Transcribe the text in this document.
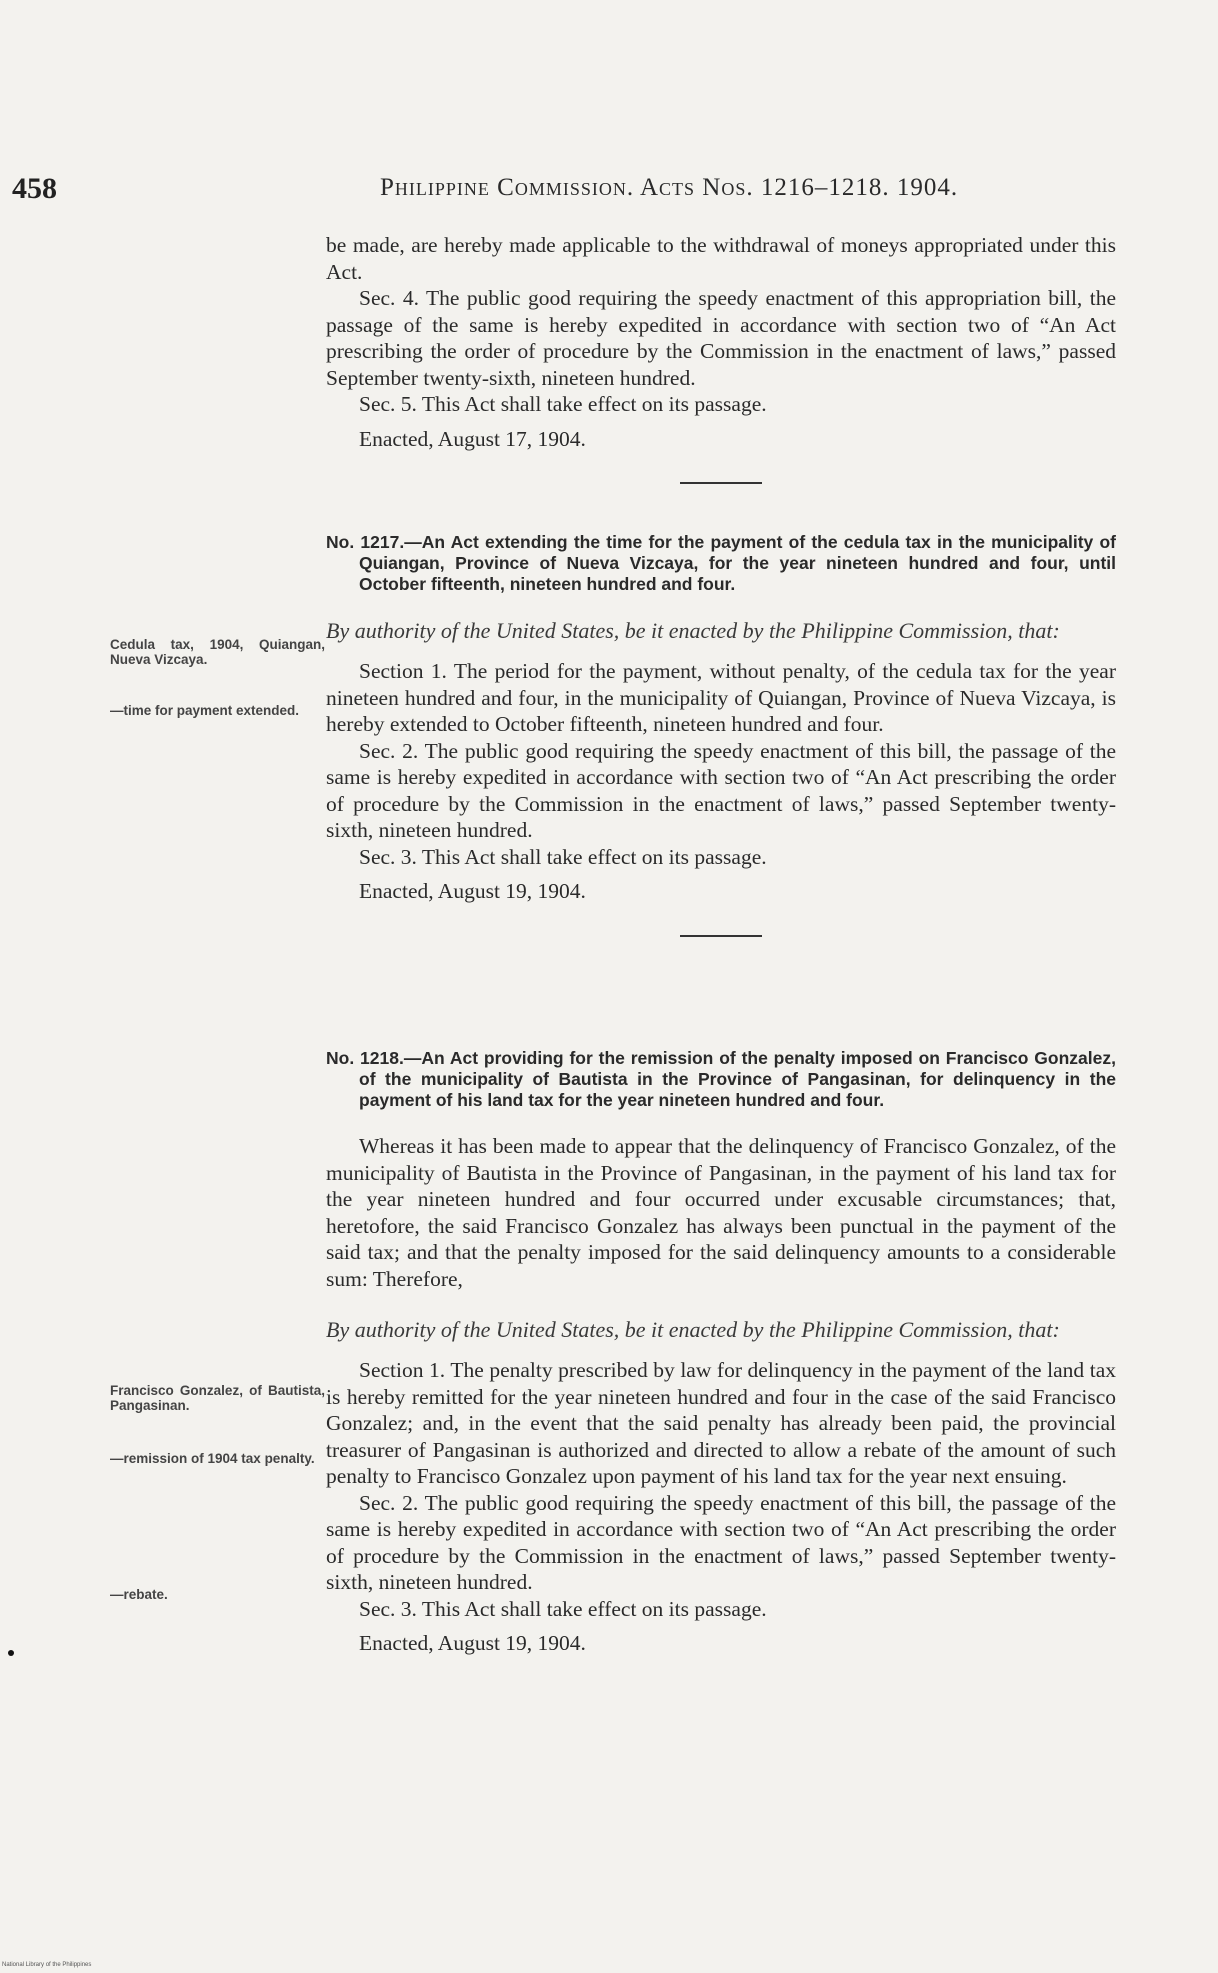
458	Philippine Commission. Acts Nos. 1216–1218. 1904.

be made, are hereby made applicable to the withdrawal of moneys appropriated under this Act.

Sec. 4. The public good requiring the speedy enactment of this appropriation bill, the passage of the same is hereby expedited in accordance with section two of “An Act prescribing the order of procedure by the Commission in the enactment of laws,” passed September twenty-sixth, nineteen hundred.

Sec. 5. This Act shall take effect on its passage.

Enacted, August 17, 1904.

No. 1217.—An Act extending the time for the payment of the cedula tax in the municipality of Quiangan, Province of Nueva Vizcaya, for the year nineteen hundred and four, until October fifteenth, nineteen hundred and four.
By authority of the United States, be it enacted by the Philippine Commission, that:

Section 1. The period for the payment, without penalty, of the cedula tax for the year nineteen hundred and four, in the municipality of Quiangan, Province of Nueva Vizcaya, is hereby extended to October fifteenth, nineteen hundred and four.

Sec. 2. The public good requiring the speedy enactment of this bill, the passage of the same is hereby expedited in accordance with section two of “An Act prescribing the order of procedure by the Commission in the enactment of laws,” passed September twenty-sixth, nineteen hundred.

Sec. 3. This Act shall take effect on its passage.

Enacted, August 19, 1904.

Cedula tax, 1904, Quiangan, Nueva Vizcaya.
—time for payment extended.
No. 1218.—An Act providing for the remission of the penalty imposed on Francisco Gonzalez, of the municipality of Bautista in the Province of Pangasinan, for delinquency in the payment of his land tax for the year nineteen hundred and four.

Whereas it has been made to appear that the delinquency of Francisco Gonzalez, of the municipality of Bautista in the Province of Pangasinan, in the payment of his land tax for the year nineteen hundred and four occurred under excusable circumstances; that, heretofore, the said Francisco Gonzalez has always been punctual in the payment of the said tax; and that the penalty imposed for the said delinquency amounts to a considerable sum: Therefore,

By authority of the United States, be it enacted by the Philippine Commission, that:

Section 1. The penalty prescribed by law for delinquency in the payment of the land tax is hereby remitted for the year nineteen hundred and four in the case of the said Francisco Gonzalez; and, in the event that the said penalty has already been paid, the provincial treasurer of Pangasinan is authorized and directed to allow a rebate of the amount of such penalty to Francisco Gonzalez upon payment of his land tax for the year next ensuing.

Sec. 2. The public good requiring the speedy enactment of this bill, the passage of the same is hereby expedited in accordance with section two of “An Act prescribing the order of procedure by the Commission in the enactment of laws,” passed September twenty-sixth, nineteen hundred.

Sec. 3. This Act shall take effect on its passage.

Enacted, August 19, 1904.

Francisco Gonzalez, of Bautista, Pangasinan.
—remission of 1904 tax penalty.
—rebate.
National Library of the Philippines
